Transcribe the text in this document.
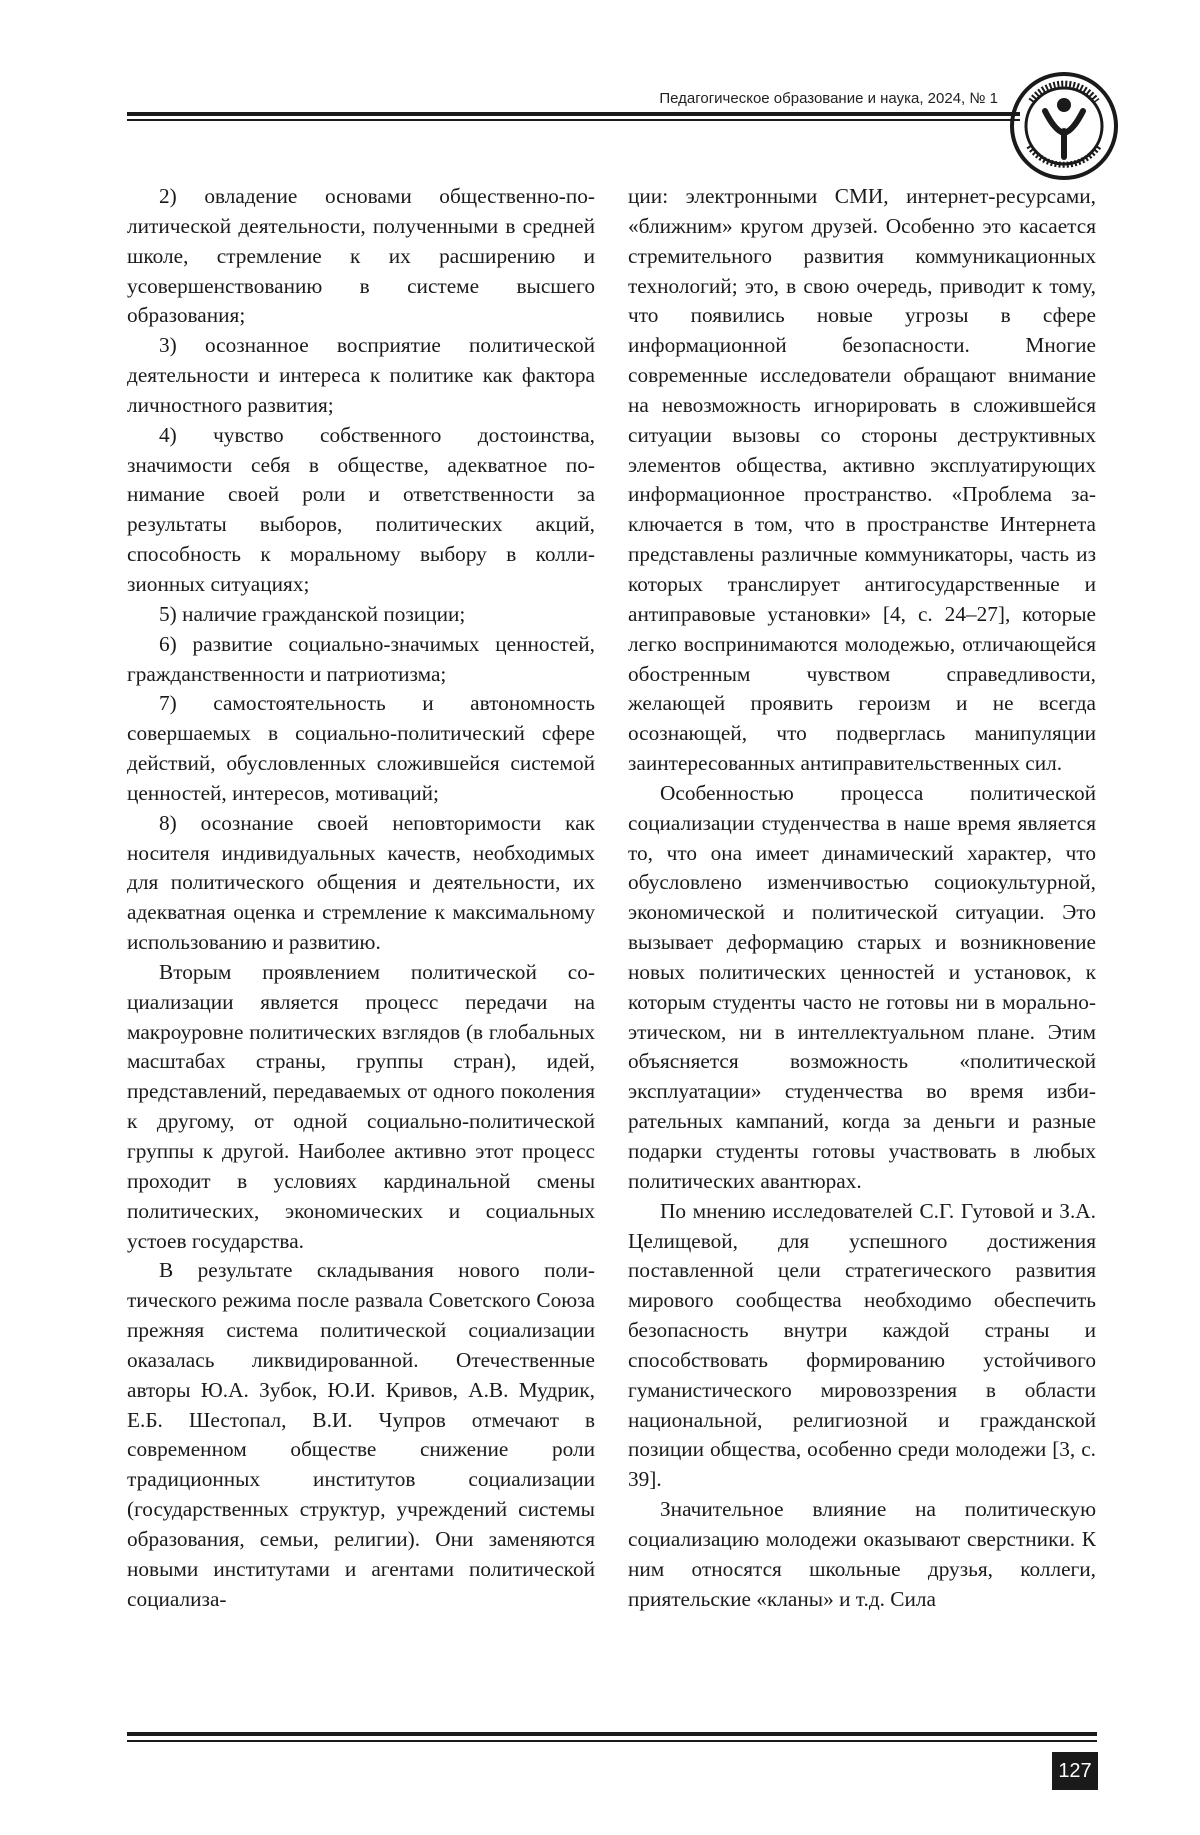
Педагогическое образование и наука, 2024, № 1

2) овладение основами общественно-политической деятельности, полученными в средней школе, стремление к их расширению и усовершенствованию в системе высшего образования;

3) осознанное восприятие политической деятельности и интереса к политике как фактора личностного развития;

4) чувство собственного достоинства, значимости себя в обществе, адекватное понимание своей роли и ответственности за результаты выборов, политических акций, способность к моральному выбору в коллизионных ситуациях;

5) наличие гражданской позиции;

6) развитие социально-значимых ценностей, гражданственности и патриотизма;

7) самостоятельность и автономность совершаемых в социально-политический сфере действий, обусловленных сложившейся системой ценностей, интересов, мотиваций;

8) осознание своей неповторимости как носителя индивидуальных качеств, необходимых для политического общения и деятельности, их адекватная оценка и стремление к максимальному использованию и развитию.

Вторым проявлением политической социализации является процесс передачи на макроуровне политических взглядов (в глобальных масштабах страны, группы стран), идей, представлений, передаваемых от одного поколения к другому, от одной социально-политической группы к другой. Наиболее активно этот процесс проходит в условиях кардинальной смены политических, экономических и социальных устоев государства.

В результате складывания нового политического режима после развала Советского Союза прежняя система политической социализации оказалась ликвидированной. Отечественные авторы Ю.А. Зубок, Ю.И. Кривов, А.В. Мудрик, Е.Б. Шестопал, В.И. Чупров отмечают в современном обществе снижение роли традиционных институтов социализации (государственных структур, учреждений системы образования, семьи, религии). Они заменяются новыми институтами и агентами политической социализа-

ции: электронными СМИ, интернет-ресурсами, «ближним» кругом друзей. Особенно это касается стремительного развития коммуникационных технологий; это, в свою очередь, приводит к тому, что появились новые угрозы в сфере информационной безопасности. Многие современные исследователи обращают внимание на невозможность игнорировать в сложившейся ситуации вызовы со стороны деструктивных элементов общества, активно эксплуатирующих информационное пространство. «Проблема заключается в том, что в пространстве Интернета представлены различные коммуникаторы, часть из которых транслирует антигосударственные и антиправовые установки» [4, с. 24–27], которые легко воспринимаются молодежью, отличающейся обостренным чувством справедливости, желающей проявить героизм и не всегда осознающей, что подверглась манипуляции заинтересованных антиправительственных сил.

Особенностью процесса политической социализации студенчества в наше время является то, что она имеет динамический характер, что обусловлено изменчивостью социокультурной, экономической и политической ситуации. Это вызывает деформацию старых и возникновение новых политических ценностей и установок, к которым студенты часто не готовы ни в морально-этическом, ни в интеллектуальном плане. Этим объясняется возможность «политической эксплуатации» студенчества во время избирательных кампаний, когда за деньги и разные подарки студенты готовы участвовать в любых политических авантюрах.

По мнению исследователей С.Г. Гутовой и З.А. Целищевой, для успешного достижения поставленной цели стратегического развития мирового сообщества необходимо обеспечить безопасность внутри каждой страны и способствовать формированию устойчивого гуманистического мировоззрения в области национальной, религиозной и гражданской позиции общества, особенно среди молодежи [3, с. 39].

Значительное влияние на политическую социализацию молодежи оказывают сверстники. К ним относятся школьные друзья, коллеги, приятельские «кланы» и т.д. Сила

127
